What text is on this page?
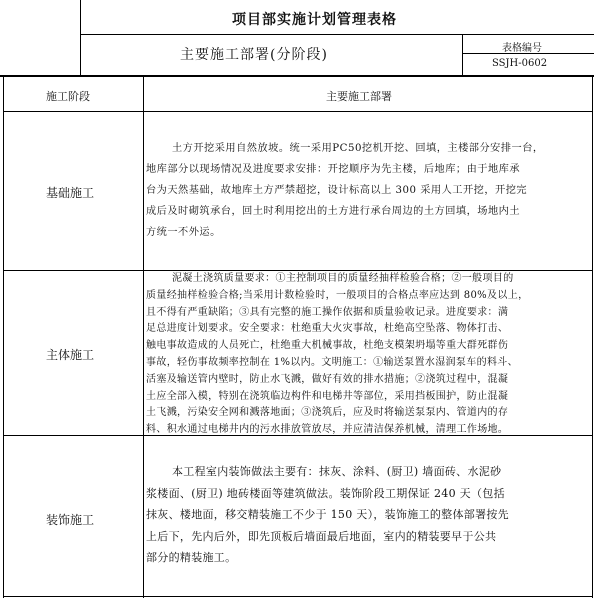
项目部实施计划管理表格
主要施工部署(分阶段)	表格编号
SSJH-0602
施工阶段	主要施工部署
基础施工

土方开挖采用自然放坡。统一采用PC50挖机开挖、回填，主楼部分安排一台，

地库部分以现场情况及进度要求安排：开挖顺序为先主楼，后地库；由于地库承

台为天然基础，故地库土方严禁超挖，设计标高以上 300 采用人工开挖，开挖完

成后及时砌筑承台，回土时利用挖出的土方进行承台周边的土方回填，场地内土

方统一不外运。

主体施工

泥凝土浇筑质量要求：①主控制项目的质量经抽样检验合格；②一般项目的

质量经抽样检验合格;当采用计数检验时，一般项目的合格点率应达到 80%及以上，

且不得有严重缺陷；③具有完整的施工操作依据和质量验收记录。进度要求：满

足总进度计划要求。安全要求：杜绝重大火灾事故，杜绝高空坠落、物体打击、

触电事故造成的人员死亡，杜绝重大机械事故，杜绝支模架坍塌等重大群死群伤

事故，轻伤事故频率控制在 1%以内。文明施工：①输送泵置水湿润泵车的料斗、

活塞及输送管内壁时，防止水飞溅，做好有效的排水措施；②浇筑过程中，混凝

土应全部入模，特别在浇筑临边构件和电梯井等部位，采用挡板围护，防止混凝

土飞溅，污染安全网和溅落地面；③浇筑后，应及时将输送泵泵内、管道内的存

料、积水通过电梯井内的污水排放管放尽，并应清洁保养机械，清理工作场地。

装饰施工

本工程室内装饰做法主要有：抹灰、涂料、(厨卫) 墙面砖、水泥砂

浆楼面、(厨卫) 地砖楼面等建筑做法。装饰阶段工期保证 240 天（包括

抹灰、楼地面，移交精装施工不少于 150 天），装饰施工的整体部署按先

上后下，先内后外，即先顶板后墙面最后地面，室内的精装要早于公共

部分的精装施工。
